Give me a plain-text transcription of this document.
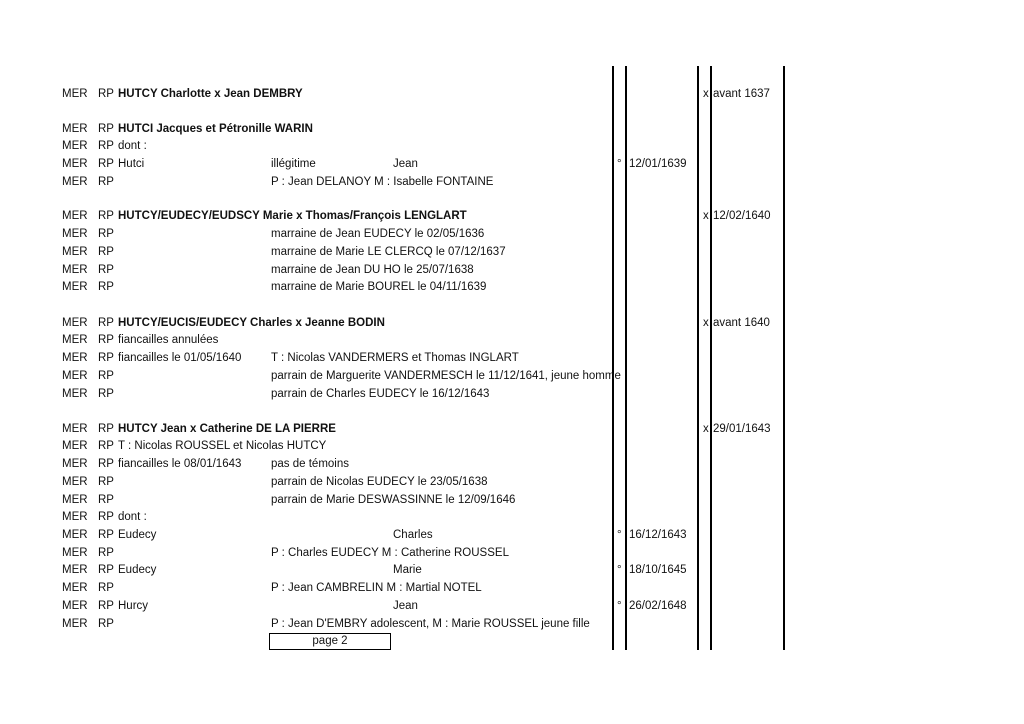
MER RP HUTCY Charlotte x Jean DEMBRY	x avant 1637
MER RP HUTCI Jacques et Pétronille WARIN
MER RP dont :
MER RP Hutci	illégitime	Jean	° 12/01/1639
MER RP	P : Jean DELANOY M : Isabelle FONTAINE
MER RP HUTCY/EUDECY/EUDSCY Marie x Thomas/François LENGLART	x 12/02/1640
MER RP	marraine de Jean EUDECY le 02/05/1636
MER RP	marraine de Marie LE CLERCQ le 07/12/1637
MER RP	marraine de Jean DU HO le 25/07/1638
MER RP	marraine de Marie BOUREL le 04/11/1639
MER RP HUTCY/EUCIS/EUDECY Charles x Jeanne BODIN	x avant 1640
MER RP fiancailles annulées
MER RP fiancailles le 01/05/1640	T : Nicolas VANDERMERS et Thomas INGLART
MER RP	parrain de Marguerite VANDERMESCH le 11/12/1641, jeune homme
MER RP	parrain de Charles EUDECY le 16/12/1643
MER RP HUTCY Jean x Catherine DE LA PIERRE	x 29/01/1643
MER RP T : Nicolas ROUSSEL et Nicolas HUTCY
MER RP fiancailles le 08/01/1643	pas de témoins
MER RP	parrain de Nicolas EUDECY le 23/05/1638
MER RP	parrain de Marie DESWASSINNE le 12/09/1646
MER RP dont :
MER RP Eudecy	Charles	° 16/12/1643
MER RP	P : Charles EUDECY M : Catherine ROUSSEL
MER RP Eudecy	Marie	° 18/10/1645
MER RP	P : Jean CAMBRELIN M : Martial NOTEL
MER RP Hurcy	Jean	° 26/02/1648
MER RP	P : Jean D'EMBRY adolescent, M : Marie ROUSSEL jeune fille
page 2
